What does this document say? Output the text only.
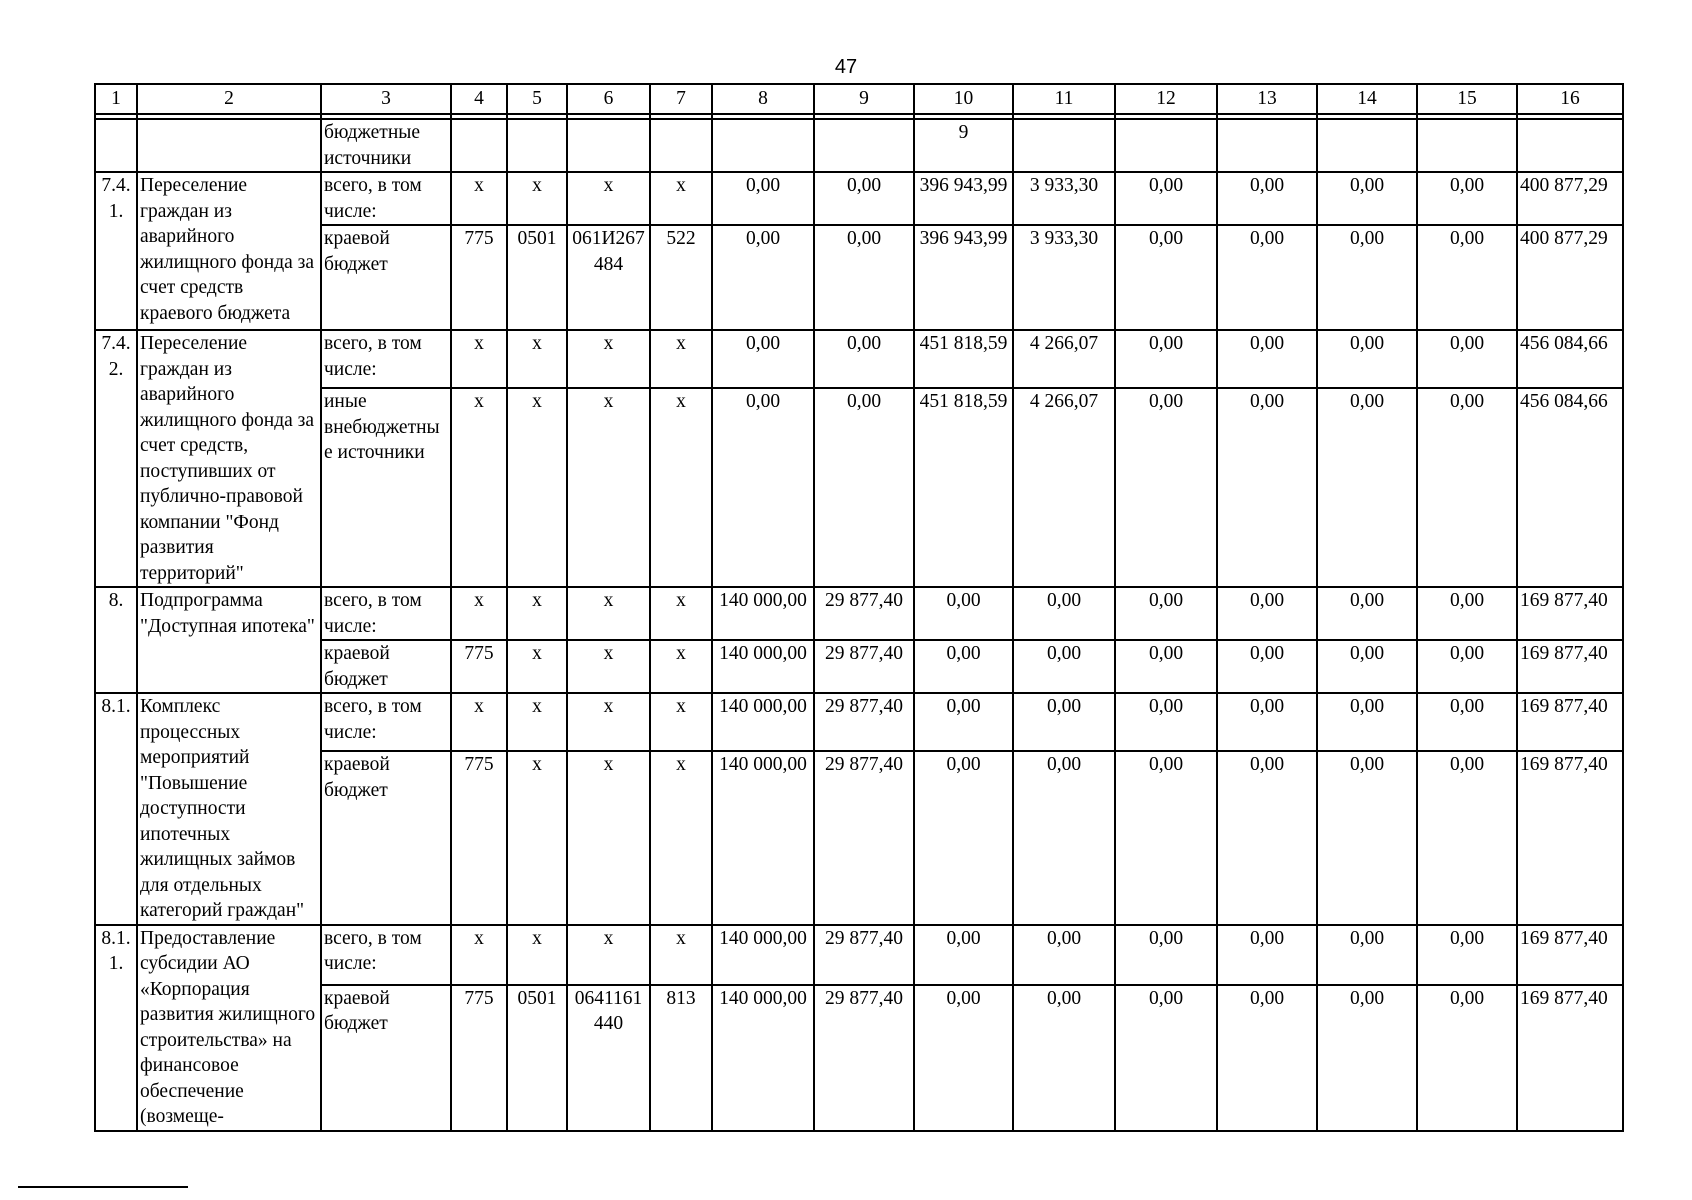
47
1	2	3	4	5	6	7	8	9	10	11	12	13	14	15	16

		бюджетные источники							9						
7.4.1.	Переселение граждан из аварийного жилищного фонда за счет средств краевого бюджета	всего, в том числе:	x	x	x	x	0,00	0,00	396 943,99	3 933,30	0,00	0,00	0,00	0,00	400 877,29
		краевой бюджет	775	0501	061И267484	522	0,00	0,00	396 943,99	3 933,30	0,00	0,00	0,00	0,00	400 877,29
7.4.2.	Переселение граждан из аварийного жилищного фонда за счет средств, поступивших от публично-правовой компании "Фонд развития территорий"	всего, в том числе:	x	x	x	x	0,00	0,00	451 818,59	4 266,07	0,00	0,00	0,00	0,00	456 084,66
		иные внебюджетные источники	x	x	x	x	0,00	0,00	451 818,59	4 266,07	0,00	0,00	0,00	0,00	456 084,66
8.	Подпрограмма "Доступная ипотека"	всего, в том числе:	x	x	x	x	140 000,00	29 877,40	0,00	0,00	0,00	0,00	0,00	0,00	169 877,40
		краевой бюджет	775	x	x	x	140 000,00	29 877,40	0,00	0,00	0,00	0,00	0,00	0,00	169 877,40
8.1.	Комплекс процессных мероприятий "Повышение доступности ипотечных жилищных займов для отдельных категорий граждан"	всего, в том числе:	x	x	x	x	140 000,00	29 877,40	0,00	0,00	0,00	0,00	0,00	0,00	169 877,40
		краевой бюджет	775	x	x	x	140 000,00	29 877,40	0,00	0,00	0,00	0,00	0,00	0,00	169 877,40
8.1.1.	Предоставление субсидии АО «Корпорация развития жилищного строительства» на финансовое обеспечение (возмеще-	всего, в том числе:	x	x	x	x	140 000,00	29 877,40	0,00	0,00	0,00	0,00	0,00	0,00	169 877,40
		краевой бюджет	775	0501	0641161440	813	140 000,00	29 877,40	0,00	0,00	0,00	0,00	0,00	0,00	169 877,40
